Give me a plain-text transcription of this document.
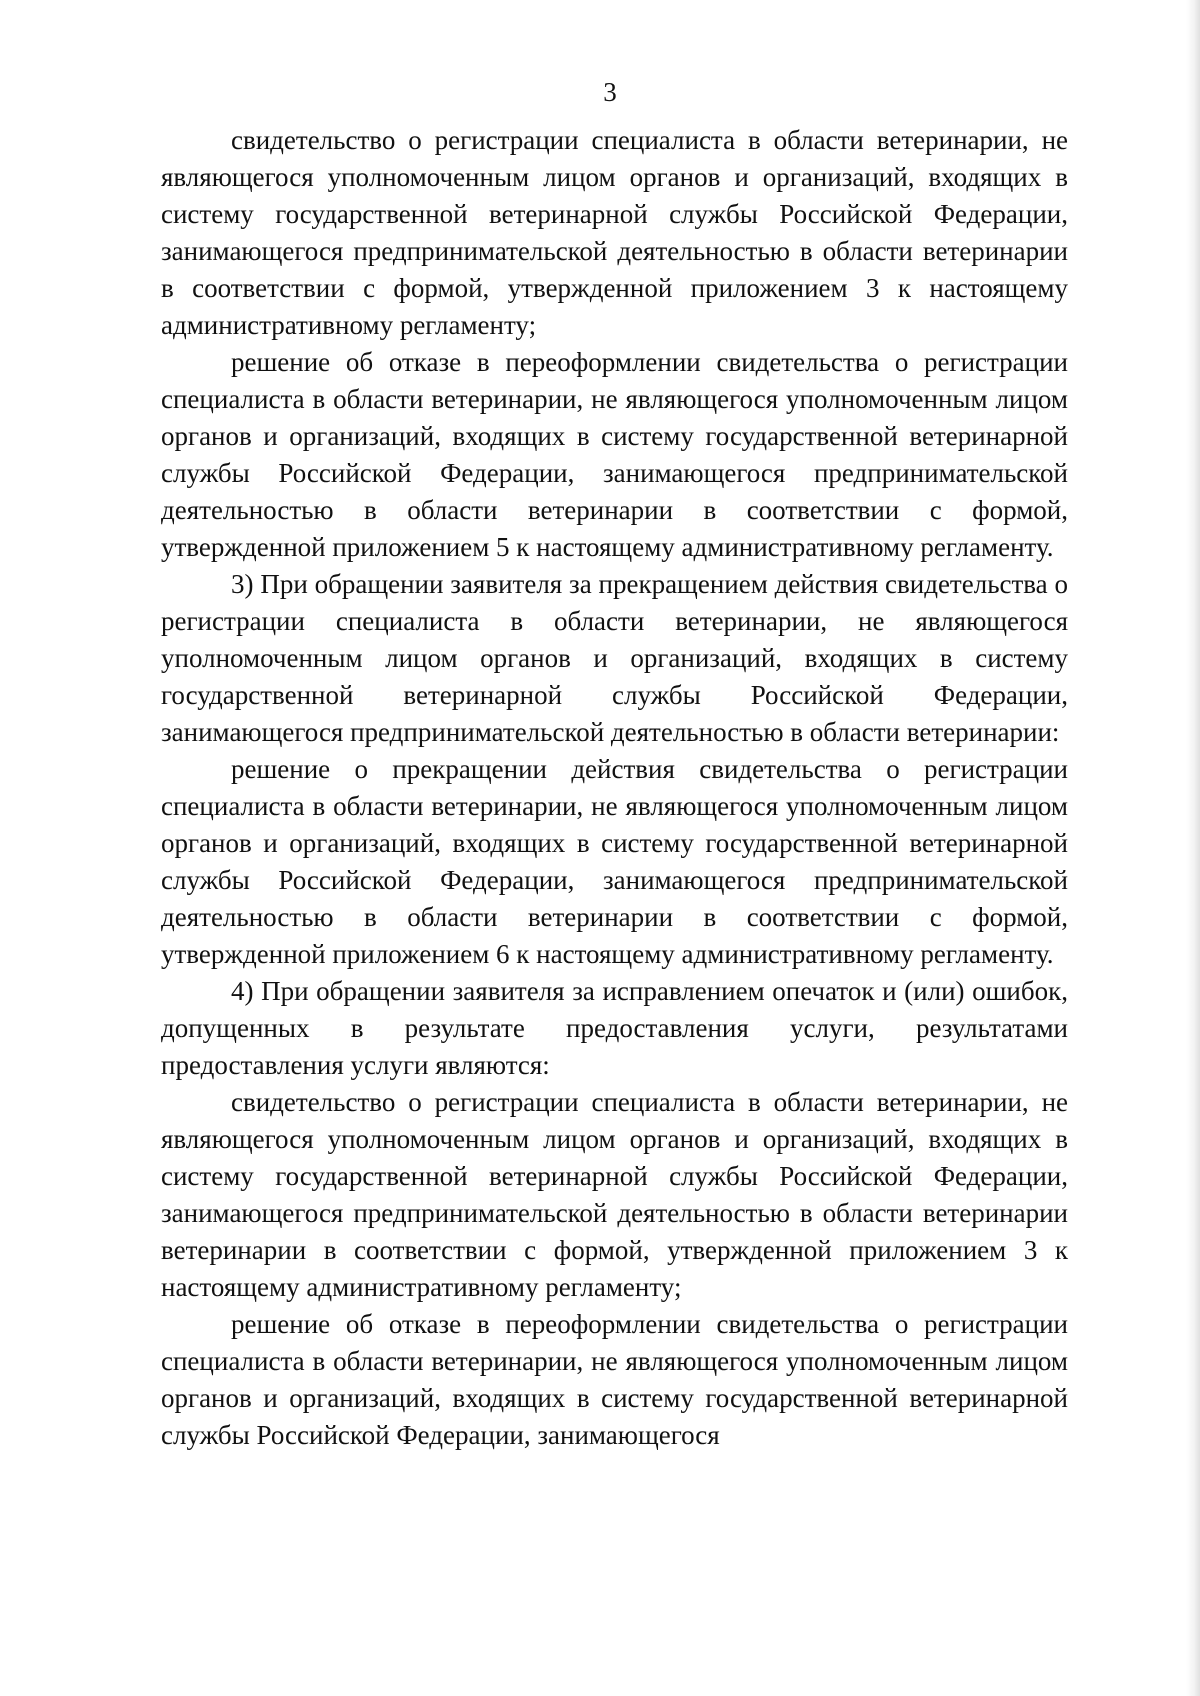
3

свидетельство о регистрации специалиста в области ветеринарии, не являющегося уполномоченным лицом органов и организаций, входящих в систему государственной ветеринарной службы Российской Федерации, занимающегося предпринимательской деятельностью в области ветеринарии в соответствии с формой, утвержденной приложением 3 к настоящему административному регламенту;

решение об отказе в переоформлении свидетельства о регистрации специалиста в области ветеринарии, не являющегося уполномоченным лицом органов и организаций, входящих в систему государственной ветеринарной службы Российской Федерации, занимающегося предпринимательской деятельностью в области ветеринарии в соответствии с формой, утвержденной приложением 5 к настоящему административному регламенту.

3) При обращении заявителя за прекращением действия свидетельства о регистрации специалиста в области ветеринарии, не являющегося уполномоченным лицом органов и организаций, входящих в систему государственной ветеринарной службы Российской Федерации, занимающегося предпринимательской деятельностью в области ветеринарии:

решение о прекращении действия свидетельства о регистрации специалиста в области ветеринарии, не являющегося уполномоченным лицом органов и организаций, входящих в систему государственной ветеринарной службы Российской Федерации, занимающегося предпринимательской деятельностью в области ветеринарии в соответствии с формой, утвержденной приложением 6 к настоящему административному регламенту.

4) При обращении заявителя за исправлением опечаток и (или) ошибок, допущенных в результате предоставления услуги, результатами предоставления услуги являются:

свидетельство о регистрации специалиста в области ветеринарии, не являющегося уполномоченным лицом органов и организаций, входящих в систему государственной ветеринарной службы Российской Федерации, занимающегося предпринимательской деятельностью в области ветеринарии ветеринарии в соответствии с формой, утвержденной приложением 3 к настоящему административному регламенту;

решение об отказе в переоформлении свидетельства о регистрации специалиста в области ветеринарии, не являющегося уполномоченным лицом органов и организаций, входящих в систему государственной ветеринарной службы Российской Федерации, занимающегося
